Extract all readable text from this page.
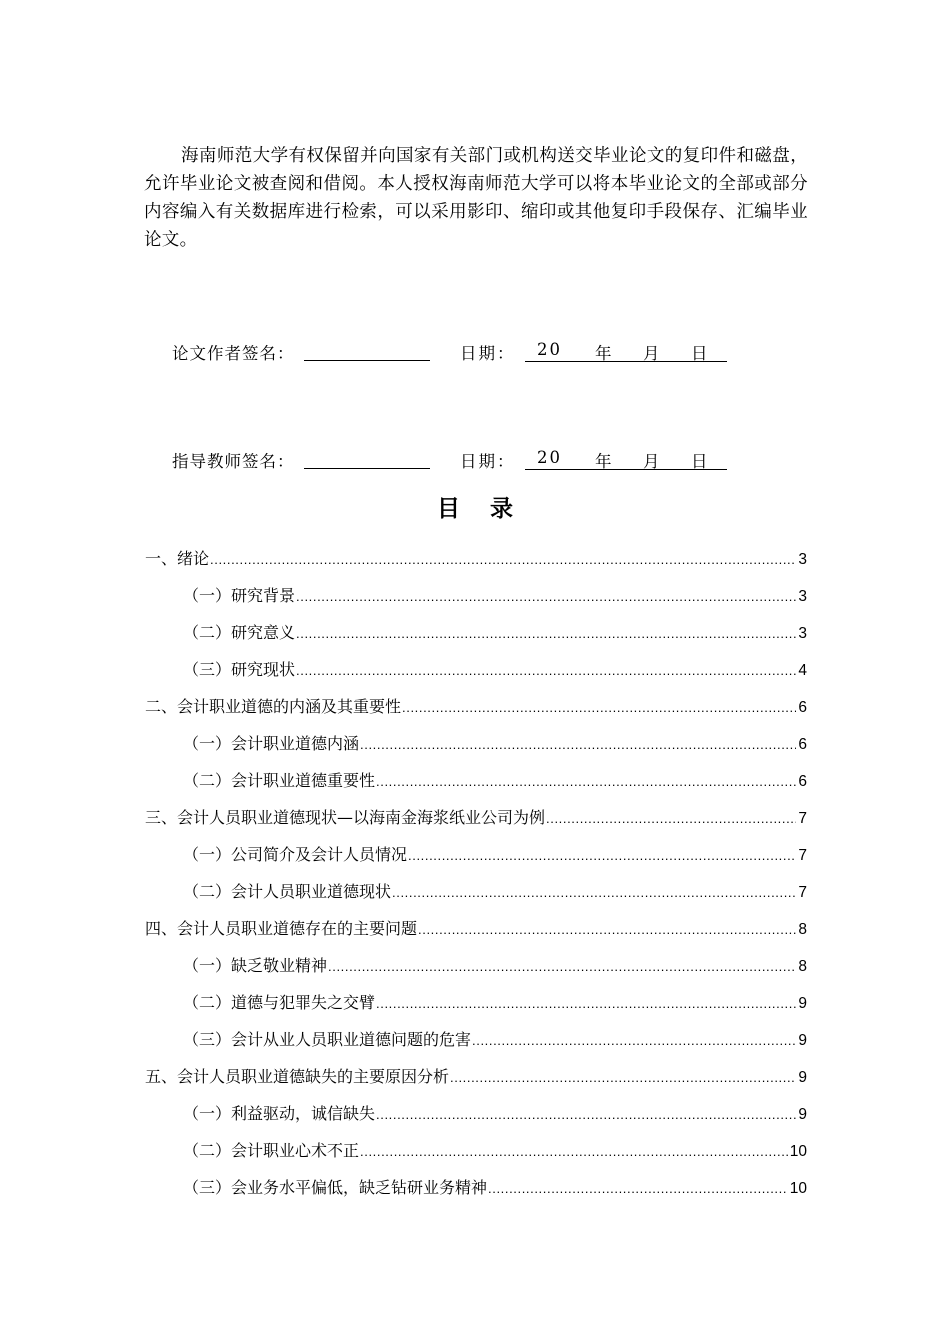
海南师范大学有权保留并向国家有关部门或机构送交毕业论文的复印件和磁盘，允许毕业论文被查阅和借阅。本人授权海南师范大学可以将本毕业论文的全部或部分内容编入有关数据库进行检索，可以采用影印、缩印或其他复印手段保存、汇编毕业论文。

论文作者签名：	日期： 20 年 月 日
指导教师签名：	日期： 20 年 月 日
目录
一、绪论 .....	3
（一）研究背景 .....	3
（二）研究意义 .....	3
（三）研究现状 .....	4
二、会计职业道德的内涵及其重要性 .....	6
（一）会计职业道德内涵 .....	6
（二）会计职业道德重要性 .....	6
三、会计人员职业道德现状—以海南金海浆纸业公司为例 .....	7
（一）公司简介及会计人员情况 .....	7
（二）会计人员职业道德现状 .....	7
四、会计人员职业道德存在的主要问题 .....	8
（一）缺乏敬业精神 .....	8
（二）道德与犯罪失之交臂 .....	9
（三）会计从业人员职业道德问题的危害 .....	9
五、会计人员职业道德缺失的主要原因分析 .....	9
（一）利益驱动，诚信缺失 .....	9
（二）会计职业心术不正 .....	10
（三）会业务水平偏低，缺乏钻研业务精神 .....	10
